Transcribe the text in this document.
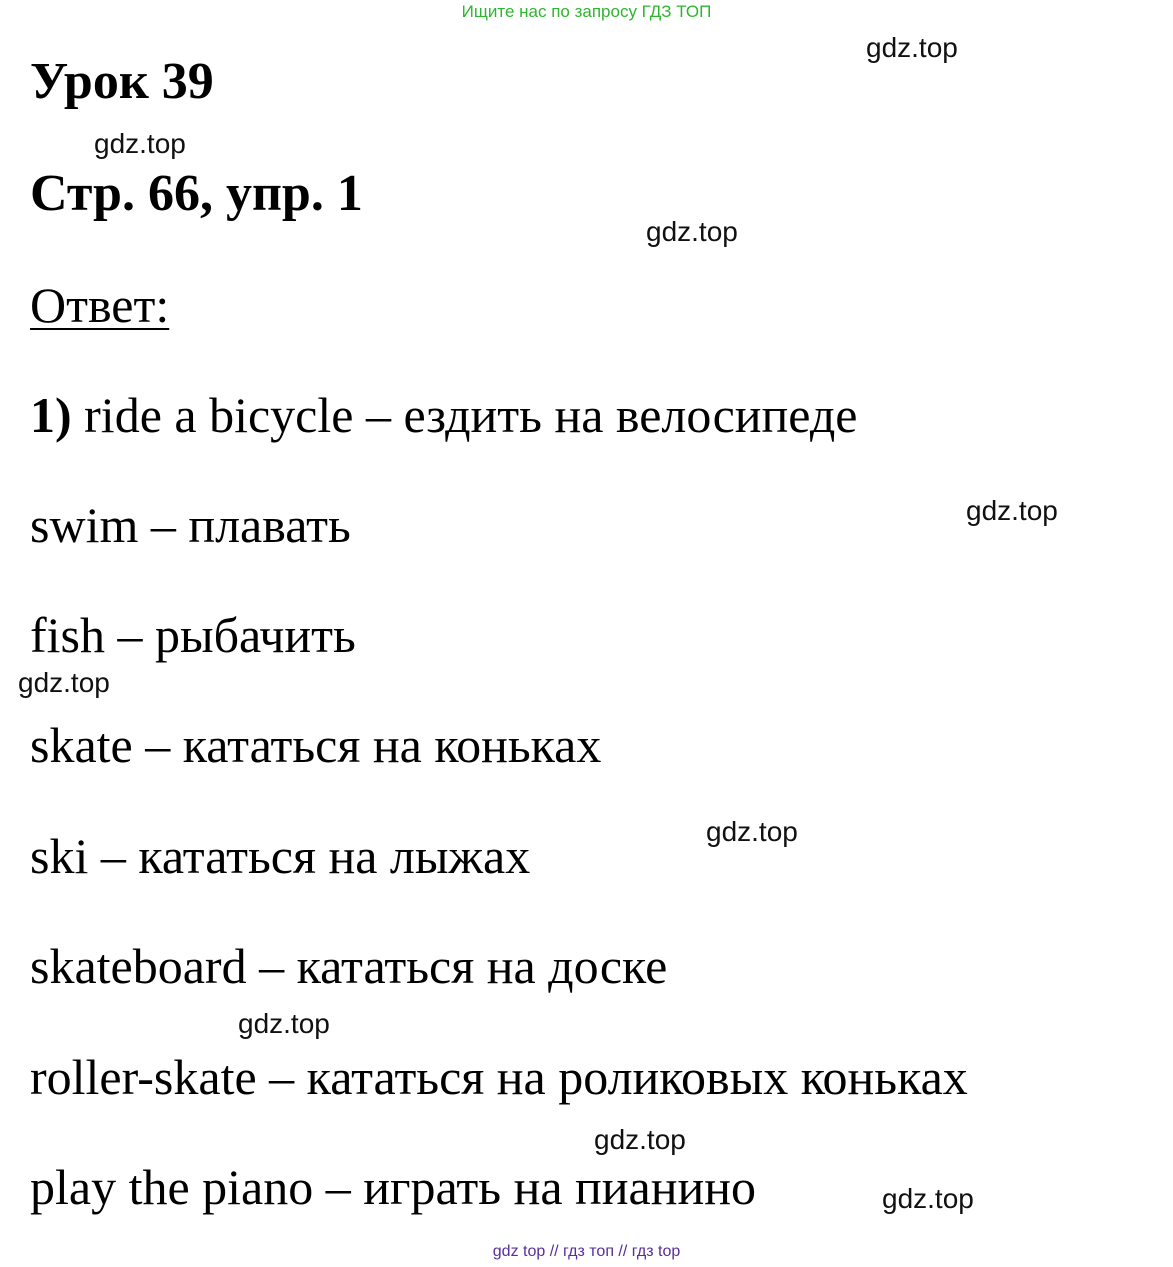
Ищите нас по запросу ГДЗ ТОП
Урок 39
Стр. 66, упр. 1
Ответ:
1) ride a bicycle – ездить на велосипеде
swim – плавать
fish – рыбачить
skate – кататься на коньках
ski – кататься на лыжах
skateboard – кататься на доске
roller-skate – кататься на роликовых коньках
play the piano – играть на пианино
gdz.top
gdz.top
gdz.top
gdz.top
gdz.top
gdz.top
gdz.top
gdz.top
gdz.top
gdz top // гдз топ // гдз top
